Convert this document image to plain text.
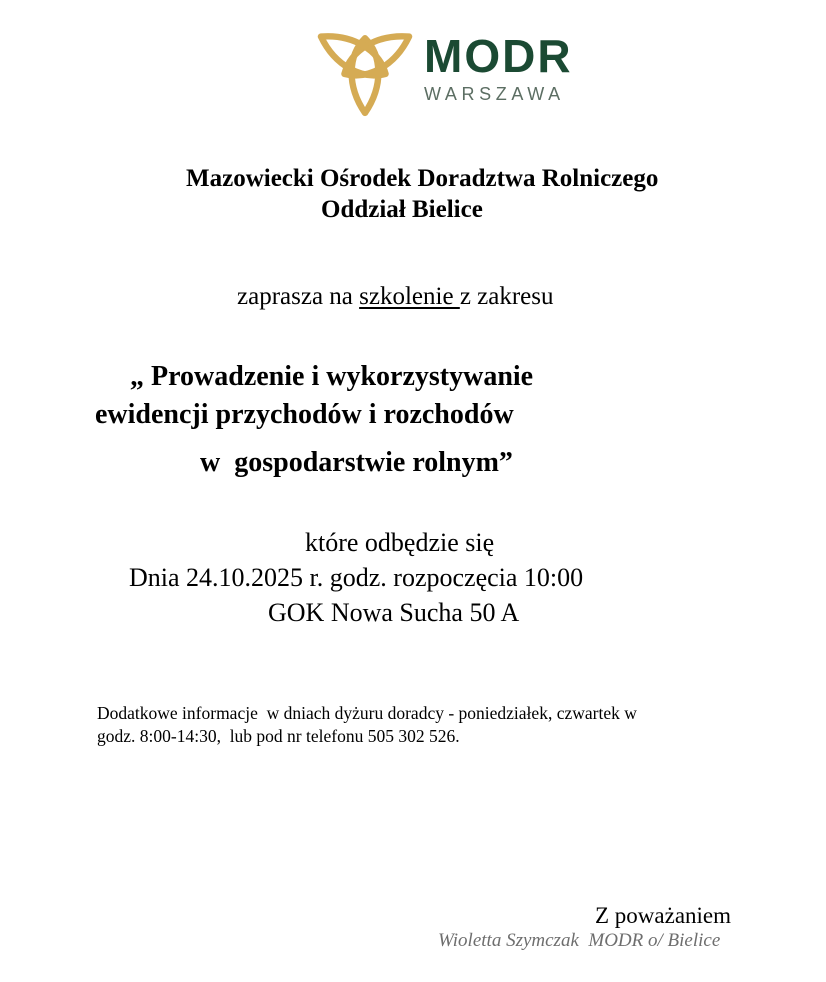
MODR
WARSZAWA
Mazowiecki Ośrodek Doradztwa Rolniczego
Oddział Bielice
zaprasza na szkolenie z zakresu
„ Prowadzenie i wykorzystywanie
ewidencji przychodów i rozchodów
w  gospodarstwie rolnym”
które odbędzie się
Dnia 24.10.2025 r. godz. rozpoczęcia 10:00
GOK Nowa Sucha 50 A
Dodatkowe informacje  w dniach dyżuru doradcy - poniedziałek, czwartek w
godz. 8:00-14:30,  lub pod nr telefonu 505 302 526.
Z poważaniem
Wioletta Szymczak  MODR o/ Bielice
